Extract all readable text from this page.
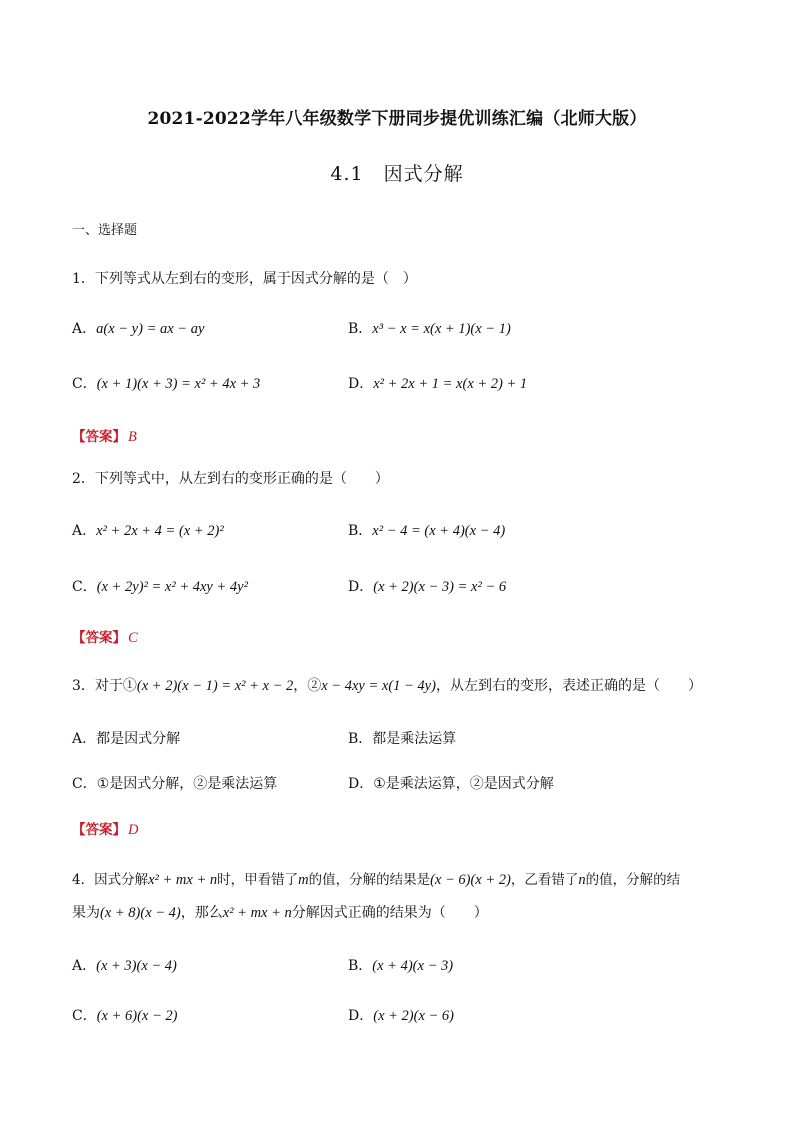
2021-2022学年八年级数学下册同步提优训练汇编（北师大版）
4.1　因式分解
一、选择题
1．下列等式从左到右的变形，属于因式分解的是（　）
A．a(x − y) = ax − ay	B．x³ − x = x(x + 1)(x − 1)
C．(x + 1)(x + 3) = x² + 4x + 3	D．x² + 2x + 1 = x(x + 2) + 1
【答案】 B
2．下列等式中，从左到右的变形正确的是（　　）
A．x² + 2x + 4 = (x + 2)²	B．x² − 4 = (x + 4)(x − 4)
C．(x + 2y)² = x² + 4xy + 4y²	D．(x + 2)(x − 3) = x² − 6
【答案】 C
3．对于①(x + 2)(x − 1) = x² + x − 2，②x − 4xy = x(1 − 4y)，从左到右的变形，表述正确的是（　　）
A．都是因式分解	B．都是乘法运算
C．①是因式分解，②是乘法运算	D．①是乘法运算，②是因式分解
【答案】 D
4．因式分解x² + mx + n时，甲看错了m的值，分解的结果是(x − 6)(x + 2)，乙看错了n的值，分解的结
果为(x + 8)(x − 4)，那么x² + mx + n分解因式正确的结果为（　　）
A．(x + 3)(x − 4)	B．(x + 4)(x − 3)
C．(x + 6)(x − 2)	D．(x + 2)(x − 6)
